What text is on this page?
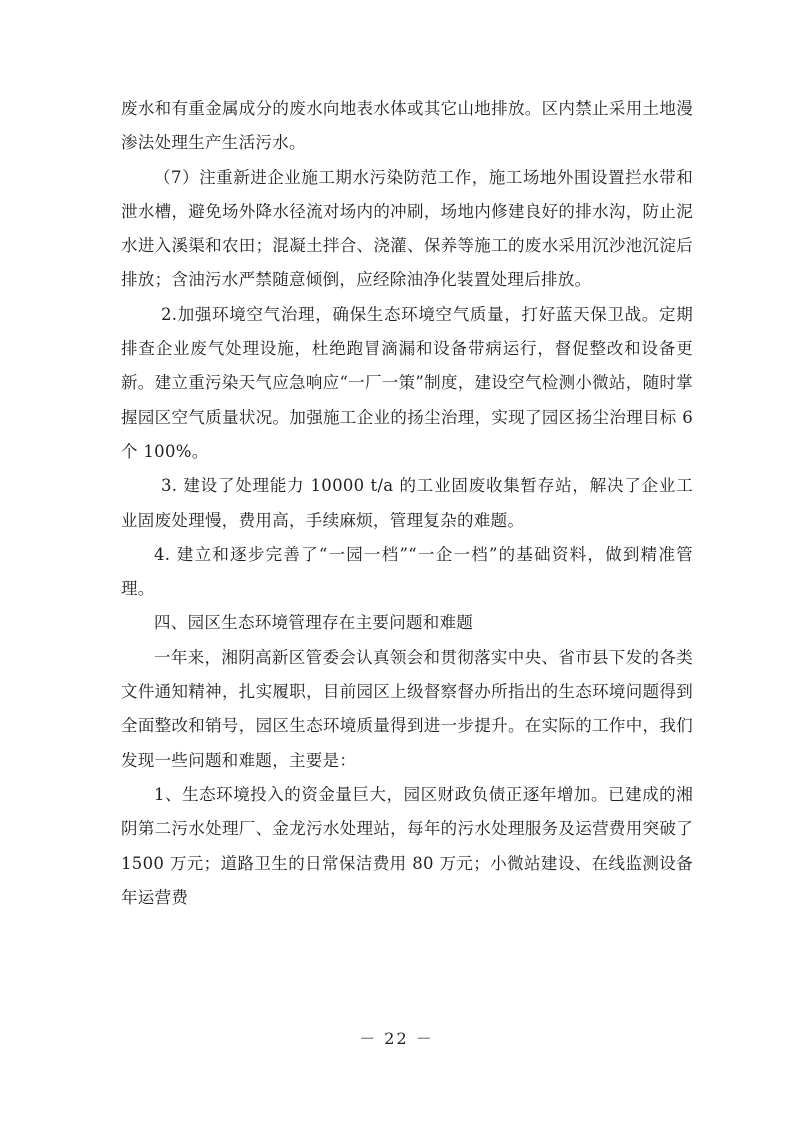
废水和有重金属成分的废水向地表水体或其它山地排放。区内禁止采用土地漫渗法处理生产生活污水。

（7）注重新进企业施工期水污染防范工作，施工场地外围设置拦水带和泄水槽，避免场外降水径流对场内的冲刷，场地内修建良好的排水沟，防止泥水进入溪渠和农田；混凝土拌合、浇灌、保养等施工的废水采用沉沙池沉淀后排放；含油污水严禁随意倾倒，应经除油净化装置处理后排放。

2.加强环境空气治理，确保生态环境空气质量，打好蓝天保卫战。定期排查企业废气处理设施，杜绝跑冒滴漏和设备带病运行，督促整改和设备更新。建立重污染天气应急响应“一厂一策”制度，建设空气检测小微站，随时掌握园区空气质量状况。加强施工企业的扬尘治理，实现了园区扬尘治理目标 6 个 100%。

3. 建设了处理能力 10000 t/a 的工业固废收集暂存站，解决了企业工业固废处理慢，费用高，手续麻烦，管理复杂的难题。

4. 建立和逐步完善了“一园一档”“一企一档”的基础资料，做到精准管理。

四、园区生态环境管理存在主要问题和难题

一年来，湘阴高新区管委会认真领会和贯彻落实中央、省市县下发的各类文件通知精神，扎实履职，目前园区上级督察督办所指出的生态环境问题得到全面整改和销号，园区生态环境质量得到进一步提升。在实际的工作中，我们发现一些问题和难题，主要是：

1、生态环境投入的资金量巨大，园区财政负债正逐年增加。已建成的湘阴第二污水处理厂、金龙污水处理站，每年的污水处理服务及运营费用突破了 1500 万元；道路卫生的日常保洁费用 80 万元；小微站建设、在线监测设备年运营费

－ 22 －
